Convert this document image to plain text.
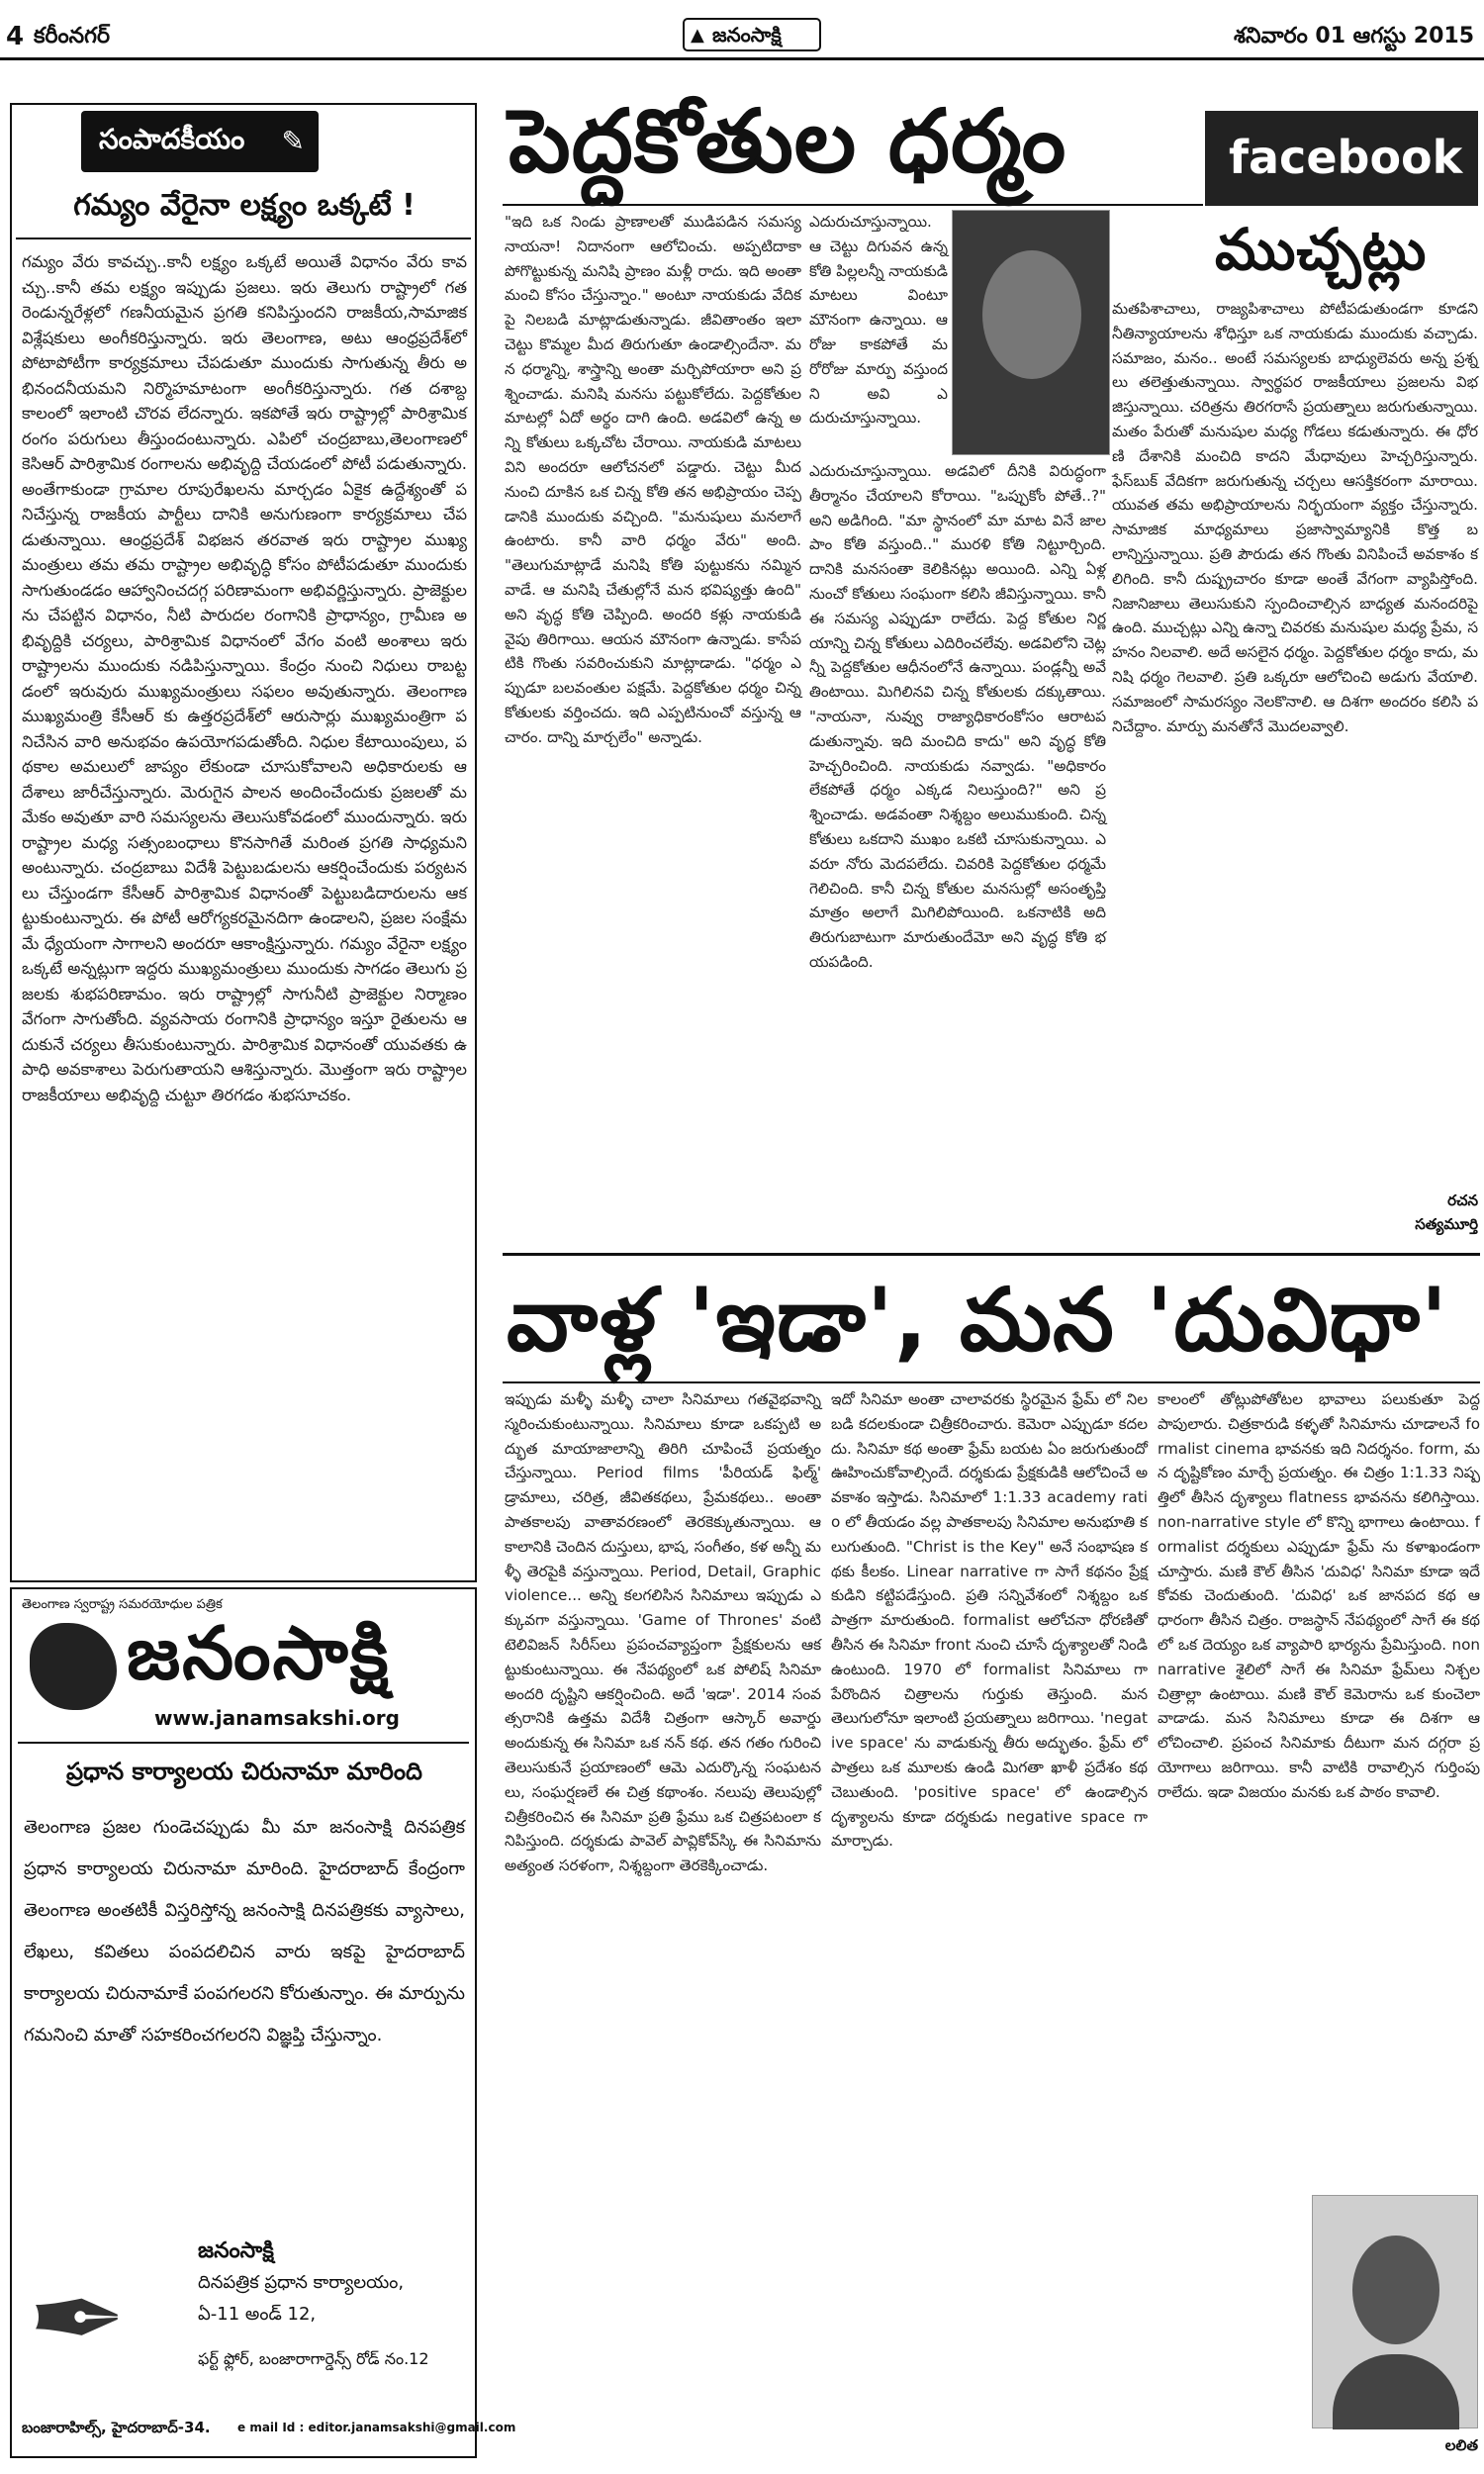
4 కరీంనగర్	▲ జనంసాక్షి	శనివారం 01 ఆగస్టు 2015
సంపాదకీయం ✎
గమ్యం వేరైనా లక్ష్యం ఒక్కటే !
గమ్యం వేరు కావచ్చు..కానీ లక్ష్యం ఒక్కటే అయితే విధానం వేరు కావచ్చు..కానీ తమ లక్ష్యం ఇప్పుడు ప్రజలు. ఇరు తెలుగు రాష్ట్రాలో గత రెండున్నరేళ్లలో గణనీయమైన ప్రగతి కనిపిస్తుందని రాజకీయ,సామాజిక విశ్లేషకులు అంగీకరిస్తున్నారు. ఇరు తెలంగాణ, అటు ఆంధ్రప్రదేశ్‌లో పోటాపోటీగా కార్యక్రమాలు చేపడుతూ ముందుకు సాగుతున్న తీరు అభినందనీయమని నిర్మొహమాటంగా అంగీకరిస్తున్నారు. గత దశాబ్దకాలంలో ఇలాంటి చొరవ లేదన్నారు. ఇకపోతే ఇరు రాష్ట్రాల్లో పారిశ్రామిక రంగం పరుగులు తీస్తుందంటున్నారు. ఎపిలో చంద్రబాబు,తెలంగాణలో కెసిఆర్ పారిశ్రామిక రంగాలను అభివృద్ది చేయడంలో పోటీ పడుతున్నారు. అంతేగాకుండా గ్రామాల రూపురేఖలను మార్చడం ఏకైక ఉద్దేశ్యంతో పనిచేస్తున్న రాజకీయ పార్టీలు దానికి అనుగుణంగా కార్యక్రమాలు చేపడుతున్నాయి. ఆంధ్రప్రదేశ్ విభజన తరవాత ఇరు రాష్ట్రాల ముఖ్యమంత్రులు తమ తమ రాష్ట్రాల అభివృద్ధి కోసం పోటీపడుతూ ముందుకు సాగుతుండడం ఆహ్వానించదగ్గ పరిణామంగా అభివర్ణిస్తున్నారు. ప్రాజెక్టులను చేపట్టిన విధానం, నీటి పారుదల రంగానికి ప్రాధాన్యం, గ్రామీణ అభివృద్దికి చర్యలు, పారిశ్రామిక విధానంలో వేగం వంటి అంశాలు ఇరు రాష్ట్రాలను ముందుకు నడిపిస్తున్నాయి. కేంద్రం నుంచి నిధులు రాబట్టడంలో ఇరువురు ముఖ్యమంత్రులు సఫలం అవుతున్నారు. తెలంగాణ ముఖ్యమంత్రి కేసీఆర్ కు ఉత్తరప్రదేశ్‌లో ఆరుసార్లు ముఖ్యమంత్రిగా పనిచేసిన వారి అనుభవం ఉపయోగపడుతోంది. నిధుల కేటాయింపులు, పథకాల అమలులో జాప్యం లేకుండా చూసుకోవాలని అధికారులకు ఆదేశాలు జారీచేస్తున్నారు. మెరుగైన పాలన అందించేందుకు ప్రజలతో మమేకం అవుతూ వారి సమస్యలను తెలుసుకోవడంలో ముందున్నారు. ఇరు రాష్ట్రాల మధ్య సత్సంబంధాలు కొనసాగితే మరింత ప్రగతి సాధ్యమని అంటున్నారు. చంద్రబాబు విదేశీ పెట్టుబడులను ఆకర్షించేందుకు పర్యటనలు చేస్తుండగా కేసీఆర్ పారిశ్రామిక విధానంతో పెట్టుబడిదారులను ఆకట్టుకుంటున్నారు. ఈ పోటీ ఆరోగ్యకరమైనదిగా ఉండాలని, ప్రజల సంక్షేమమే ధ్యేయంగా సాగాలని అందరూ ఆకాంక్షిస్తున్నారు. గమ్యం వేరైనా లక్ష్యం ఒక్కటే అన్నట్లుగా ఇద్దరు ముఖ్యమంత్రులు ముందుకు సాగడం తెలుగు ప్రజలకు శుభపరిణామం. ఇరు రాష్ట్రాల్లో సాగునీటి ప్రాజెక్టుల నిర్మాణం వేగంగా సాగుతోంది. వ్యవసాయ రంగానికి ప్రాధాన్యం ఇస్తూ రైతులను ఆదుకునే చర్యలు తీసుకుంటున్నారు. పారిశ్రామిక విధానంతో యువతకు ఉపాధి అవకాశాలు పెరుగుతాయని ఆశిస్తున్నారు. మొత్తంగా ఇరు రాష్ట్రాల రాజకీయాలు అభివృద్ది చుట్టూ తిరగడం శుభసూచకం.
తెలంగాణ స్వరాష్ట్ర సమరయోధుల పత్రిక
జనంసాక్షి
www.janamsakshi.org
ప్రధాన కార్యాలయ చిరునామా మారింది
తెలంగాణ ప్రజల గుండెచప్పుడు మీ మా జనంసాక్షి దినపత్రిక ప్రధాన కార్యాలయ చిరునామా మారింది. హైదరాబాద్ కేంద్రంగా తెలంగాణ అంతటికీ విస్తరిస్తోన్న జనంసాక్షి దినపత్రికకు వ్యాసాలు, లేఖలు, కవితలు పంపదలిచిన వారు ఇకపై హైదరాబాద్ కార్యాలయ చిరునామాకే పంపగలరని కోరుతున్నాం. ఈ మార్పును గమనించి మాతో సహకరించగలరని విజ్ఞప్తి చేస్తున్నాం.
✒
జనంసాక్షి
దినపత్రిక ప్రధాన కార్యాలయం,
ఏ-11 అండ్ 12,
ఫర్ట్ ఫ్లోర్, బంజారాగార్డెన్స్ రోడ్ నం.12
బంజారాహిల్స్, హైదరాబాద్-34. e mail Id : editor.janamsakshi@gmail.com
పెద్దకోతుల ధర్మం
"ఇది ఒక నిండు ప్రాణాలతో ముడిపడిన సమస్య నాయనా! నిదానంగా ఆలోచించు. అప్పటిదాకా పోగొట్టుకున్న మనిషి ప్రాణం మళ్లీ రాదు. ఇది అంతా మంచి కోసం చేస్తున్నాం." అంటూ నాయకుడు వేదికపై నిలబడి మాట్లాడుతున్నాడు. జీవితాంతం ఇలా చెట్టు కొమ్మల మీద తిరుగుతూ ఉండాల్సిందేనా. మన ధర్మాన్ని, శాస్త్రాన్ని అంతా మర్చిపోయారా అని ప్రశ్నించాడు. మనిషి మనసు పట్టుకోలేదు. పెద్దకోతుల మాటల్లో ఏదో అర్థం దాగి ఉంది. అడవిలో ఉన్న అన్ని కోతులు ఒక్కచోట చేరాయి. నాయకుడి మాటలు విని అందరూ ఆలోచనలో పడ్డారు. చెట్టు మీద నుంచి దూకిన ఒక చిన్న కోతి తన అభిప్రాయం చెప్పడానికి ముందుకు వచ్చింది. "మనుషులు మనలాగే ఉంటారు. కానీ వారి ధర్మం వేరు" అంది. "తెలుగుమాట్లాడే మనిషి కోతి పుట్టుకను నమ్మిన వాడే. ఆ మనిషి చేతుల్లోనే మన భవిష్యత్తు ఉంది" అని వృద్ధ కోతి చెప్పింది. అందరి కళ్లు నాయకుడి వైపు తిరిగాయి. ఆయన మౌనంగా ఉన్నాడు. కాసేపటికి గొంతు సవరించుకుని మాట్లాడాడు. "ధర్మం ఎప్పుడూ బలవంతుల పక్షమే. పెద్దకోతుల ధర్మం చిన్న కోతులకు వర్తించదు. ఇది ఎప్పటినుంచో వస్తున్న ఆచారం. దాన్ని మార్చలేం" అన్నాడు.
ఎదురుచూస్తున్నాయి. ఆ చెట్టు దిగువన ఉన్న కోతి పిల్లలన్నీ నాయకుడి మాటలు వింటూ మౌనంగా ఉన్నాయి. ఆ రోజు కాకపోతే మరోరోజు మార్పు వస్తుందని అవి ఎదురుచూస్తున్నాయి.
ఎదురుచూస్తున్నాయి. అడవిలో దీనికి విరుద్ధంగా తీర్మానం చేయాలని కోరాయి. "ఒప్పుకోం పోతే..?" అని అడిగింది. "మా స్థానంలో మా మాట వినే జాలపాం కోతి వస్తుంది.." మురళి కోతి నిట్టూర్చింది. దానికి మనసంతా కెలికినట్లు అయింది. ఎన్ని ఏళ్ల నుంచో కోతులు సంఘంగా కలిసి జీవిస్తున్నాయి. కానీ ఈ సమస్య ఎప్పుడూ రాలేదు. పెద్ద కోతుల నిర్ణయాన్ని చిన్న కోతులు ఎదిరించలేవు. అడవిలోని చెట్లన్నీ పెద్దకోతుల ఆధీనంలోనే ఉన్నాయి. పండ్లన్నీ అవే తింటాయి. మిగిలినవి చిన్న కోతులకు దక్కుతాయి. "నాయనా, నువ్వు రాజ్యాధికారంకోసం ఆరాటపడుతున్నావు. ఇది మంచిది కాదు" అని వృద్ధ కోతి హెచ్చరించింది. నాయకుడు నవ్వాడు. "అధికారం లేకపోతే ధర్మం ఎక్కడ నిలుస్తుంది?" అని ప్రశ్నించాడు. అడవంతా నిశ్శబ్దం అలుముకుంది. చిన్న కోతులు ఒకదాని ముఖం ఒకటి చూసుకున్నాయి. ఎవరూ నోరు మెదపలేదు. చివరికి పెద్దకోతుల ధర్మమే గెలిచింది. కానీ చిన్న కోతుల మనసుల్లో అసంతృప్తి మాత్రం అలాగే మిగిలిపోయింది. ఒకనాటికి అది తిరుగుబాటుగా మారుతుందేమో అని వృద్ధ కోతి భయపడింది.
facebook
ముచ్చట్లు
మతపిశాచాలు, రాజ్యపిశాచాలు పోటీపడుతుండగా కూడని నీతిన్యాయాలను శోధిస్తూ ఒక నాయకుడు ముందుకు వచ్చాడు. సమాజం, మనం.. అంటే సమస్యలకు బాధ్యులెవరు అన్న ప్రశ్నలు తలెత్తుతున్నాయి. స్వార్థపర రాజకీయాలు ప్రజలను విభజిస్తున్నాయి. చరిత్రను తిరగరాసే ప్రయత్నాలు జరుగుతున్నాయి. మతం పేరుతో మనుషుల మధ్య గోడలు కడుతున్నారు. ఈ ధోరణి దేశానికి మంచిది కాదని మేధావులు హెచ్చరిస్తున్నారు. ఫేస్‌బుక్ వేదికగా జరుగుతున్న చర్చలు ఆసక్తికరంగా మారాయి. యువత తమ అభిప్రాయాలను నిర్భయంగా వ్యక్తం చేస్తున్నారు. సామాజిక మాధ్యమాలు ప్రజాస్వామ్యానికి కొత్త బలాన్నిస్తున్నాయి. ప్రతి పౌరుడు తన గొంతు వినిపించే అవకాశం కలిగింది. కానీ దుష్ప్రచారం కూడా అంతే వేగంగా వ్యాపిస్తోంది. నిజానిజాలు తెలుసుకుని స్పందించాల్సిన బాధ్యత మనందరిపై ఉంది. ముచ్చట్లు ఎన్ని ఉన్నా చివరకు మనుషుల మధ్య ప్రేమ, సహనం నిలవాలి. అదే అసలైన ధర్మం. పెద్దకోతుల ధర్మం కాదు, మనిషి ధర్మం గెలవాలి. ప్రతి ఒక్కరూ ఆలోచించి అడుగు వేయాలి. సమాజంలో సామరస్యం నెలకొనాలి. ఆ దిశగా అందరం కలిసి పనిచేద్దాం. మార్పు మనతోనే మొదలవ్వాలి.
రచన
సత్యమూర్తి
వాళ్ల 'ఇడా', మన 'దువిధా'
ఇప్పుడు మళ్ళీ మళ్ళీ చాలా సినిమాలు గతవైభవాన్ని స్మరించుకుంటున్నాయి. సినిమాలు కూడా ఒకప్పటి అద్భుత మాయాజాలాన్ని తిరిగి చూపించే ప్రయత్నం చేస్తున్నాయి. Period films 'పీరియడ్ ఫిల్మ్' డ్రామాలు, చరిత్ర, జీవితకథలు, ప్రేమకథలు.. అంతా పాతకాలపు వాతావరణంలో తెరకెక్కుతున్నాయి. ఆ కాలానికి చెందిన దుస్తులు, భాష, సంగీతం, కళ అన్నీ మళ్ళీ తెరపైకి వస్తున్నాయి. Period, Detail, Graphic violence... అన్ని కలగలిసిన సినిమాలు ఇప్పుడు ఎక్కువగా వస్తున్నాయి. 'Game of Thrones' వంటి టెలివిజన్ సిరీస్‌లు ప్రపంచవ్యాప్తంగా ప్రేక్షకులను ఆకట్టుకుంటున్నాయి. ఈ నేపథ్యంలో ఒక పోలిష్ సినిమా అందరి దృష్టిని ఆకర్షించింది. అదే 'ఇడా'. 2014 సంవత్సరానికి ఉత్తమ విదేశీ చిత్రంగా ఆస్కార్ అవార్డు అందుకున్న ఈ సినిమా ఒక నన్ కథ. తన గతం గురించి తెలుసుకునే ప్రయాణంలో ఆమె ఎదుర్కొన్న సంఘటనలు, సంఘర్షణలే ఈ చిత్ర కథాంశం. నలుపు తెలుపుల్లో చిత్రీకరించిన ఈ సినిమా ప్రతి ఫ్రేము ఒక చిత్రపటంలా కనిపిస్తుంది. దర్శకుడు పావెల్ పావ్లికోవ్‌స్కి ఈ సినిమాను అత్యంత సరళంగా, నిశ్శబ్దంగా తెరకెక్కించాడు.
ఇదో సినిమా అంతా చాలావరకు స్థిరమైన ఫ్రేమ్ లో నిలబడి కదలకుండా చిత్రీకరించారు. కెమెరా ఎప్పుడూ కదలదు. సినిమా కథ అంతా ఫ్రేమ్ బయట ఏం జరుగుతుందో ఊహించుకోవాల్సిందే. దర్శకుడు ప్రేక్షకుడికి ఆలోచించే అవకాశం ఇస్తాడు. సినిమాలో 1:1.33 academy ratio లో తీయడం వల్ల పాతకాలపు సినిమాల అనుభూతి కలుగుతుంది. "Christ is the Key" అనే సంభాషణ కథకు కీలకం. Linear narrative గా సాగే కథనం ప్రేక్షకుడిని కట్టిపడేస్తుంది. ప్రతి సన్నివేశంలో నిశ్శబ్దం ఒక పాత్రగా మారుతుంది. formalist ఆలోచనా ధోరణితో తీసిన ఈ సినిమా front నుంచి చూసే దృశ్యాలతో నిండి ఉంటుంది. 1970 లో formalist సినిమాలు గా పేరొందిన చిత్రాలను గుర్తుకు తెస్తుంది. మన తెలుగులోనూ ఇలాంటి ప్రయత్నాలు జరిగాయి. 'negative space' ను వాడుకున్న తీరు అద్భుతం. ఫ్రేమ్ లో పాత్రలు ఒక మూలకు ఉండి మిగతా ఖాళీ ప్రదేశం కథ చెబుతుంది. 'positive space' లో ఉండాల్సిన దృశ్యాలను కూడా దర్శకుడు negative space గా మార్చాడు.
కాలంలో తోట్లుపోతోటల భావాలు పలుకుతూ పెద్ద పాపులారు. చిత్రకారుడి కళ్ళతో సినిమాను చూడాలనే formalist cinema భావనకు ఇది నిదర్శనం. form, మన దృష్టికోణం మార్చే ప్రయత్నం. ఈ చిత్రం 1:1.33 నిష్పత్తిలో తీసిన దృశ్యాలు flatness భావనను కలిగిస్తాయి. non-narrative style లో కొన్ని భాగాలు ఉంటాయి. formalist దర్శకులు ఎప్పుడూ ఫ్రేమ్ ను కళాఖండంగా చూస్తారు. మణి కౌల్ తీసిన 'దువిధ' సినిమా కూడా ఇదే కోవకు చెందుతుంది. 'దువిధ' ఒక జానపద కథ ఆధారంగా తీసిన చిత్రం. రాజస్థాన్ నేపథ్యంలో సాగే ఈ కథలో ఒక దెయ్యం ఒక వ్యాపారి భార్యను ప్రేమిస్తుంది. non narrative శైలిలో సాగే ఈ సినిమా ఫ్రేమ్‌లు నిశ్చల చిత్రాల్లా ఉంటాయి. మణి కౌల్ కెమెరాను ఒక కుంచెలా వాడాడు. మన సినిమాలు కూడా ఈ దిశగా ఆలోచించాలి. ప్రపంచ సినిమాకు దీటుగా మన దగ్గరా ప్రయోగాలు జరిగాయి. కానీ వాటికి రావాల్సిన గుర్తింపు రాలేదు. ఇడా విజయం మనకు ఒక పాఠం కావాలి.
లలిత
